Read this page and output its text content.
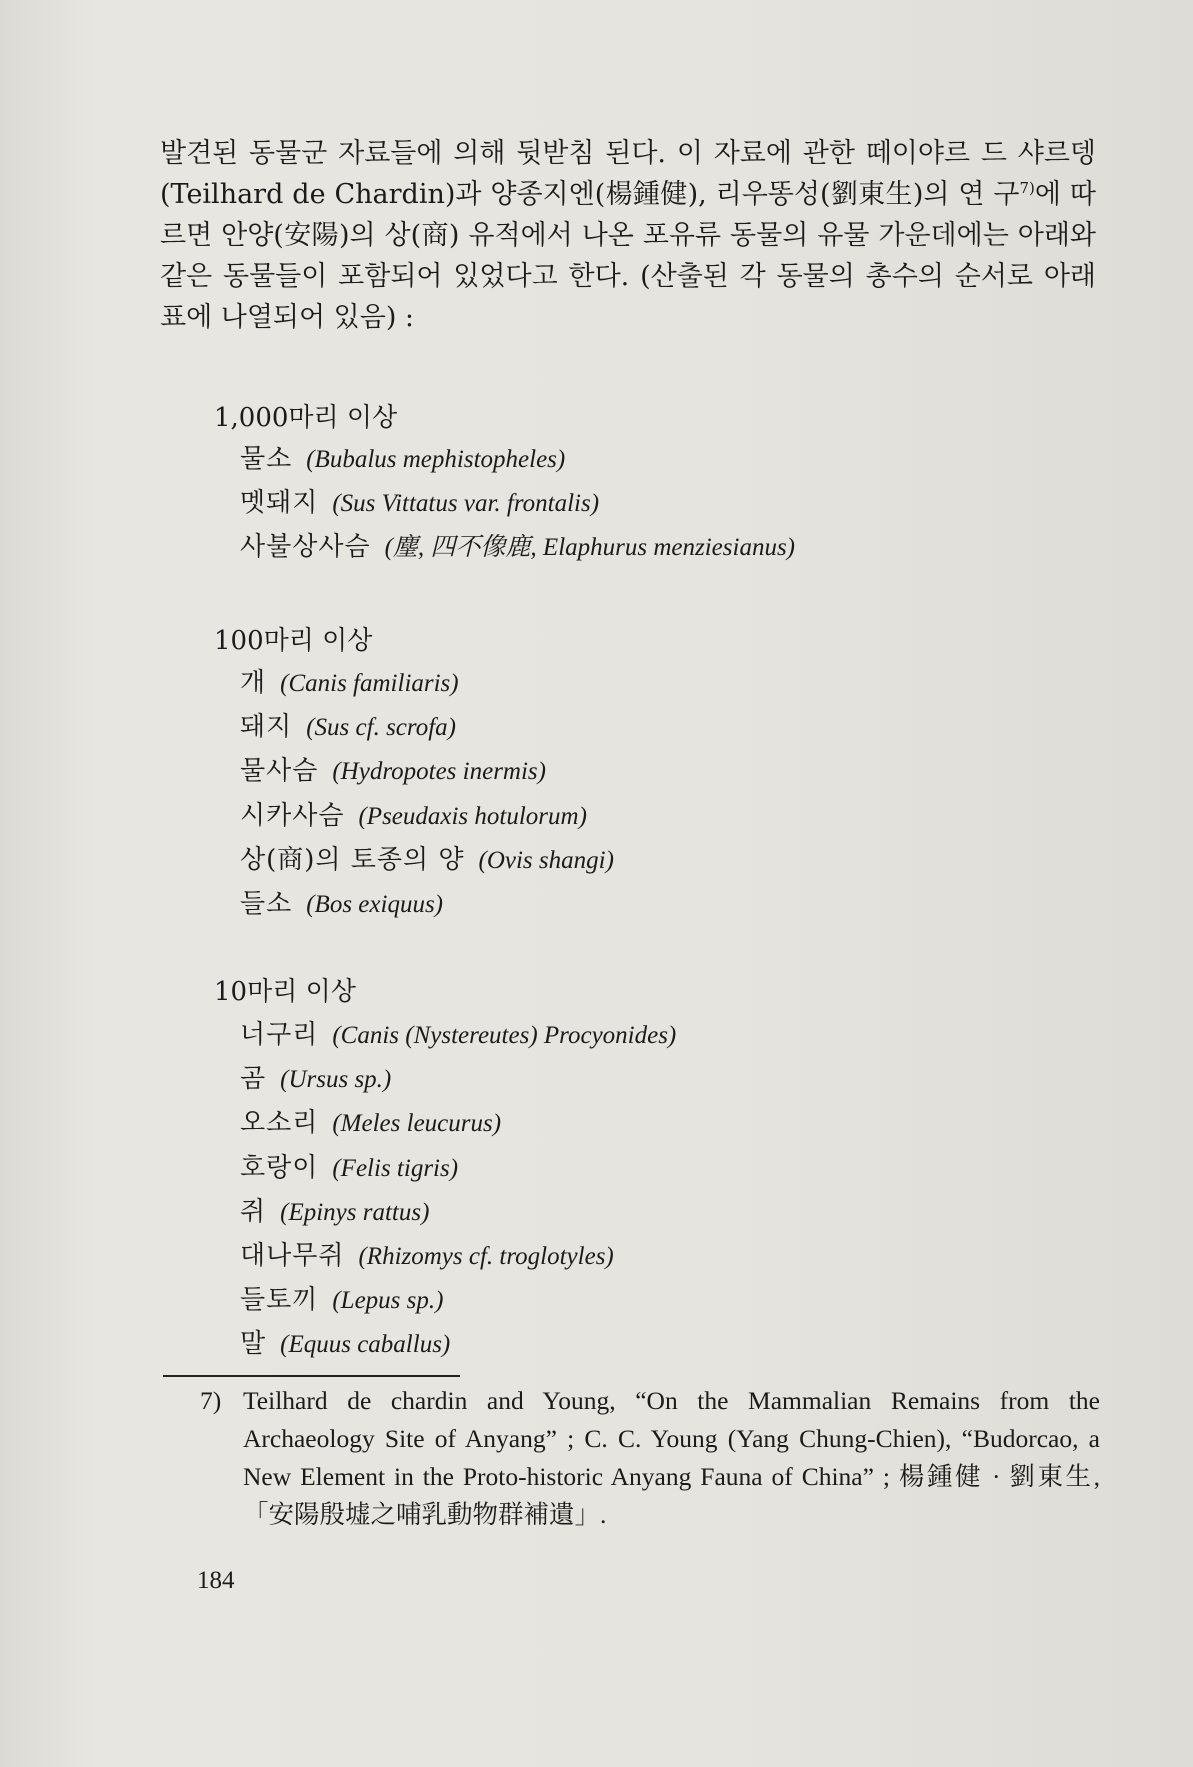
발견된 동물군 자료들에 의해 뒷받침 된다. 이 자료에 관한 떼이야르 드 샤르뎅(Teilhard de Chardin)과 양종지엔(楊鍾健), 리우똥성(劉東生)의 연 구$^{7)}$에 따르면 안양(安陽)의 상(商) 유적에서 나온 포유류 동물의 유물 가운데에는 아래와 같은 동물들이 포함되어 있었다고 한다. (산출된 각 동물의 총수의 순서로 아래 표에 나열되어 있음) :

1,000마리 이상
물소 (Bubalus mephistopheles)
멧돼지 (Sus Vittatus var. frontalis)
사불상사슴 (麈, 四不像鹿, Elaphurus menziesianus)
100마리 이상
개 (Canis familiaris)
돼지 (Sus cf. scrofa)
물사슴 (Hydropotes inermis)
시카사슴 (Pseudaxis hotulorum)
상(商)의 토종의 양 (Ovis shangi)
들소 (Bos exiquus)
10마리 이상
너구리 (Canis (Nystereutes) Procyonides)
곰 (Ursus sp.)
오소리 (Meles leucurus)
호랑이 (Felis tigris)
쥐 (Epinys rattus)
대나무쥐 (Rhizomys cf. troglotyles)
들토끼 (Lepus sp.)
말 (Equus caballus)
7) Teilhard de chardin and Young, “On the Mammalian Remains from the Archaeology Site of Anyang” ; C. C. Young (Yang Chung-Chien), “Budorcao, a New Element in the Proto-historic Anyang Fauna of China” ; 楊鍾健 · 劉東生, 「安陽殷墟之哺乳動物群補遺」.
184
